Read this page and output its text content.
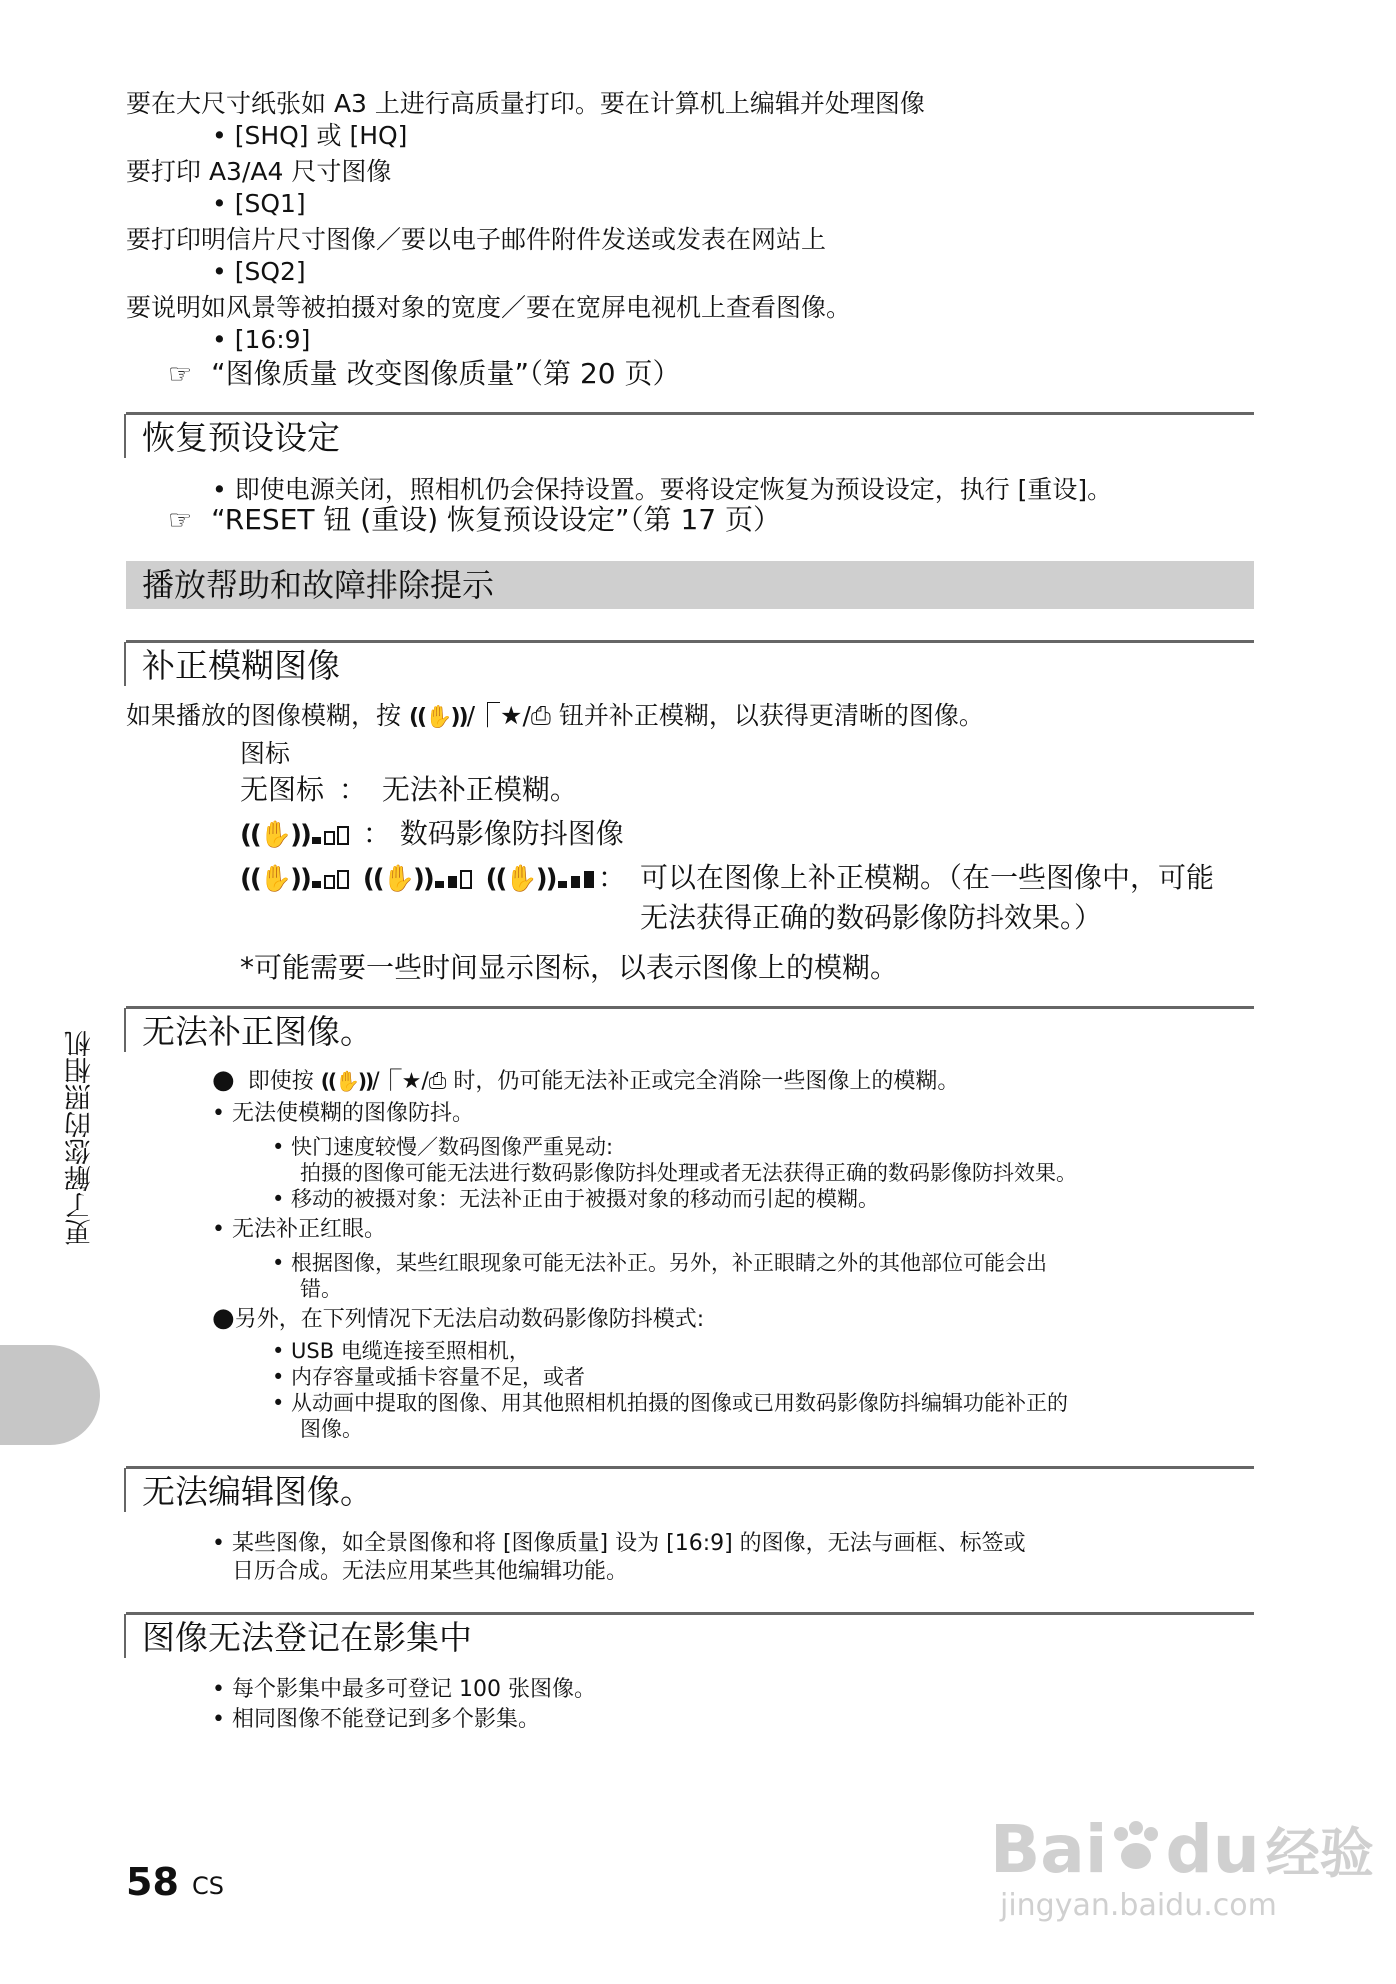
要在大尺寸纸张如 A3 上进行高质量打印。要在计算机上编辑并处理图像
• [SHQ] 或 [HQ]
要打印 A3/A4 尺寸图像
• [SQ1]
要打印明信片尺寸图像／要以电子邮件附件发送或发表在网站上
• [SQ2]
要说明如风景等被拍摄对象的宽度／要在宽屏电视机上查看图像。
• [16:9]
☞ “图像质量 改变图像质量”（第 20 页）
恢复预设设定
• 即使电源关闭，照相机仍会保持设置。要将设定恢复为预设设定，执行 [重设]。
☞ “RESET 钮 (重设) 恢复预设设定”（第 17 页）
播放帮助和故障排除提示
补正模糊图像
如果播放的图像模糊，按 ((✋))/⎾★/⎙ 钮并补正模糊，以获得更清晰的图像。
图标
无图标 ： 无法补正模糊。
((✋)) ： 数码影像防抖图像
((✋)) ((✋)) ((✋))	： 可以在图像上补正模糊。（在一些图像中，可能
无法获得正确的数码影像防抖效果。）
*可能需要一些时间显示图标，以表示图像上的模糊。
无法补正图像。
● 即使按 ((✋))/⎾★/⎙ 时，仍可能无法补正或完全消除一些图像上的模糊。
• 无法使模糊的图像防抖。
• 快门速度较慢／数码图像严重晃动:
拍摄的图像可能无法进行数码影像防抖处理或者无法获得正确的数码影像防抖效果。
• 移动的被摄对象：无法补正由于被摄对象的移动而引起的模糊。
• 无法补正红眼。
• 根据图像，某些红眼现象可能无法补正。另外，补正眼睛之外的其他部位可能会出
错。
●另外，在下列情况下无法启动数码影像防抖模式:
• USB 电缆连接至照相机，
• 内存容量或插卡容量不足，或者
• 从动画中提取的图像、用其他照相机拍摄的图像或已用数码影像防抖编辑功能补正的
图像。
无法编辑图像。
• 某些图像，如全景图像和将 [图像质量] 设为 [16:9] 的图像，无法与画框、标签或
日历合成。无法应用某些其他编辑功能。
图像无法登记在影集中
• 每个影集中最多可登记 100 张图像。
• 相同图像不能登记到多个影集。
更了解您的照相机
58 CS	Bai du 经验
jingyan.baidu.com
